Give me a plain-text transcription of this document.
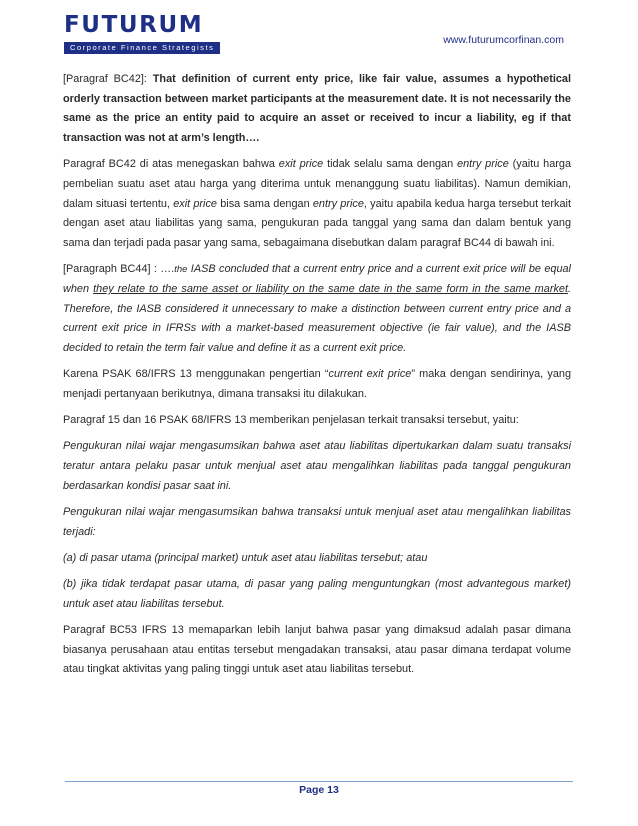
FUTURUM
Corporate Finance Strategists
www.futurumcorfinan.com

[Paragraf BC42]: That definition of current enty price, like fair value, assumes a hypothetical orderly transaction between market participants at the measurement date. It is not necessarily the same as the price an entity paid to acquire an asset or received to incur a liability, eg if that transaction was not at arm’s length….

Paragraf BC42 di atas menegaskan bahwa exit price tidak selalu sama dengan entry price (yaitu harga pembelian suatu aset atau harga yang diterima untuk menanggung suatu liabilitas). Namun demikian, dalam situasi tertentu, exit price bisa sama dengan entry price, yaitu apabila kedua harga tersebut terkait dengan aset atau liabilitas yang sama, pengukuran pada tanggal yang sama dan dalam bentuk yang sama dan terjadi pada pasar yang sama, sebagaimana disebutkan dalam paragraf BC44 di bawah ini.

[Paragraph BC44] : ….the IASB concluded that a current entry price and a current exit price will be equal when they relate to the same asset or liability on the same date in the same form in the same market. Therefore, the IASB considered it unnecessary to make a distinction between current entry price and a current exit price in IFRSs with a market-based measurement objective (ie fair value), and the IASB decided to retain the term fair value and define it as a current exit price.

Karena PSAK 68/IFRS 13 menggunakan pengertian “current exit price” maka dengan sendirinya, yang menjadi pertanyaan berikutnya, dimana transaksi itu dilakukan.

Paragraf 15 dan 16 PSAK 68/IFRS 13 memberikan penjelasan terkait transaksi tersebut, yaitu:

Pengukuran nilai wajar mengasumsikan bahwa aset atau liabilitas dipertukarkan dalam suatu transaksi teratur antara pelaku pasar untuk menjual aset atau mengalihkan liabilitas pada tanggal pengukuran berdasarkan kondisi pasar saat ini.

Pengukuran nilai wajar mengasumsikan bahwa transaksi untuk menjual aset atau mengalihkan liabilitas terjadi:

(a) di pasar utama (principal market) untuk aset atau liabilitas tersebut; atau

(b) jika tidak terdapat pasar utama, di pasar yang paling menguntungkan (most advantegous market) untuk aset atau liabilitas tersebut.

Paragraf BC53 IFRS 13 memaparkan lebih lanjut bahwa pasar yang dimaksud adalah pasar dimana biasanya perusahaan atau entitas tersebut mengadakan transaksi, atau pasar dimana terdapat volume atau tingkat aktivitas yang paling tinggi untuk aset atau liabilitas tersebut.

Page 13
